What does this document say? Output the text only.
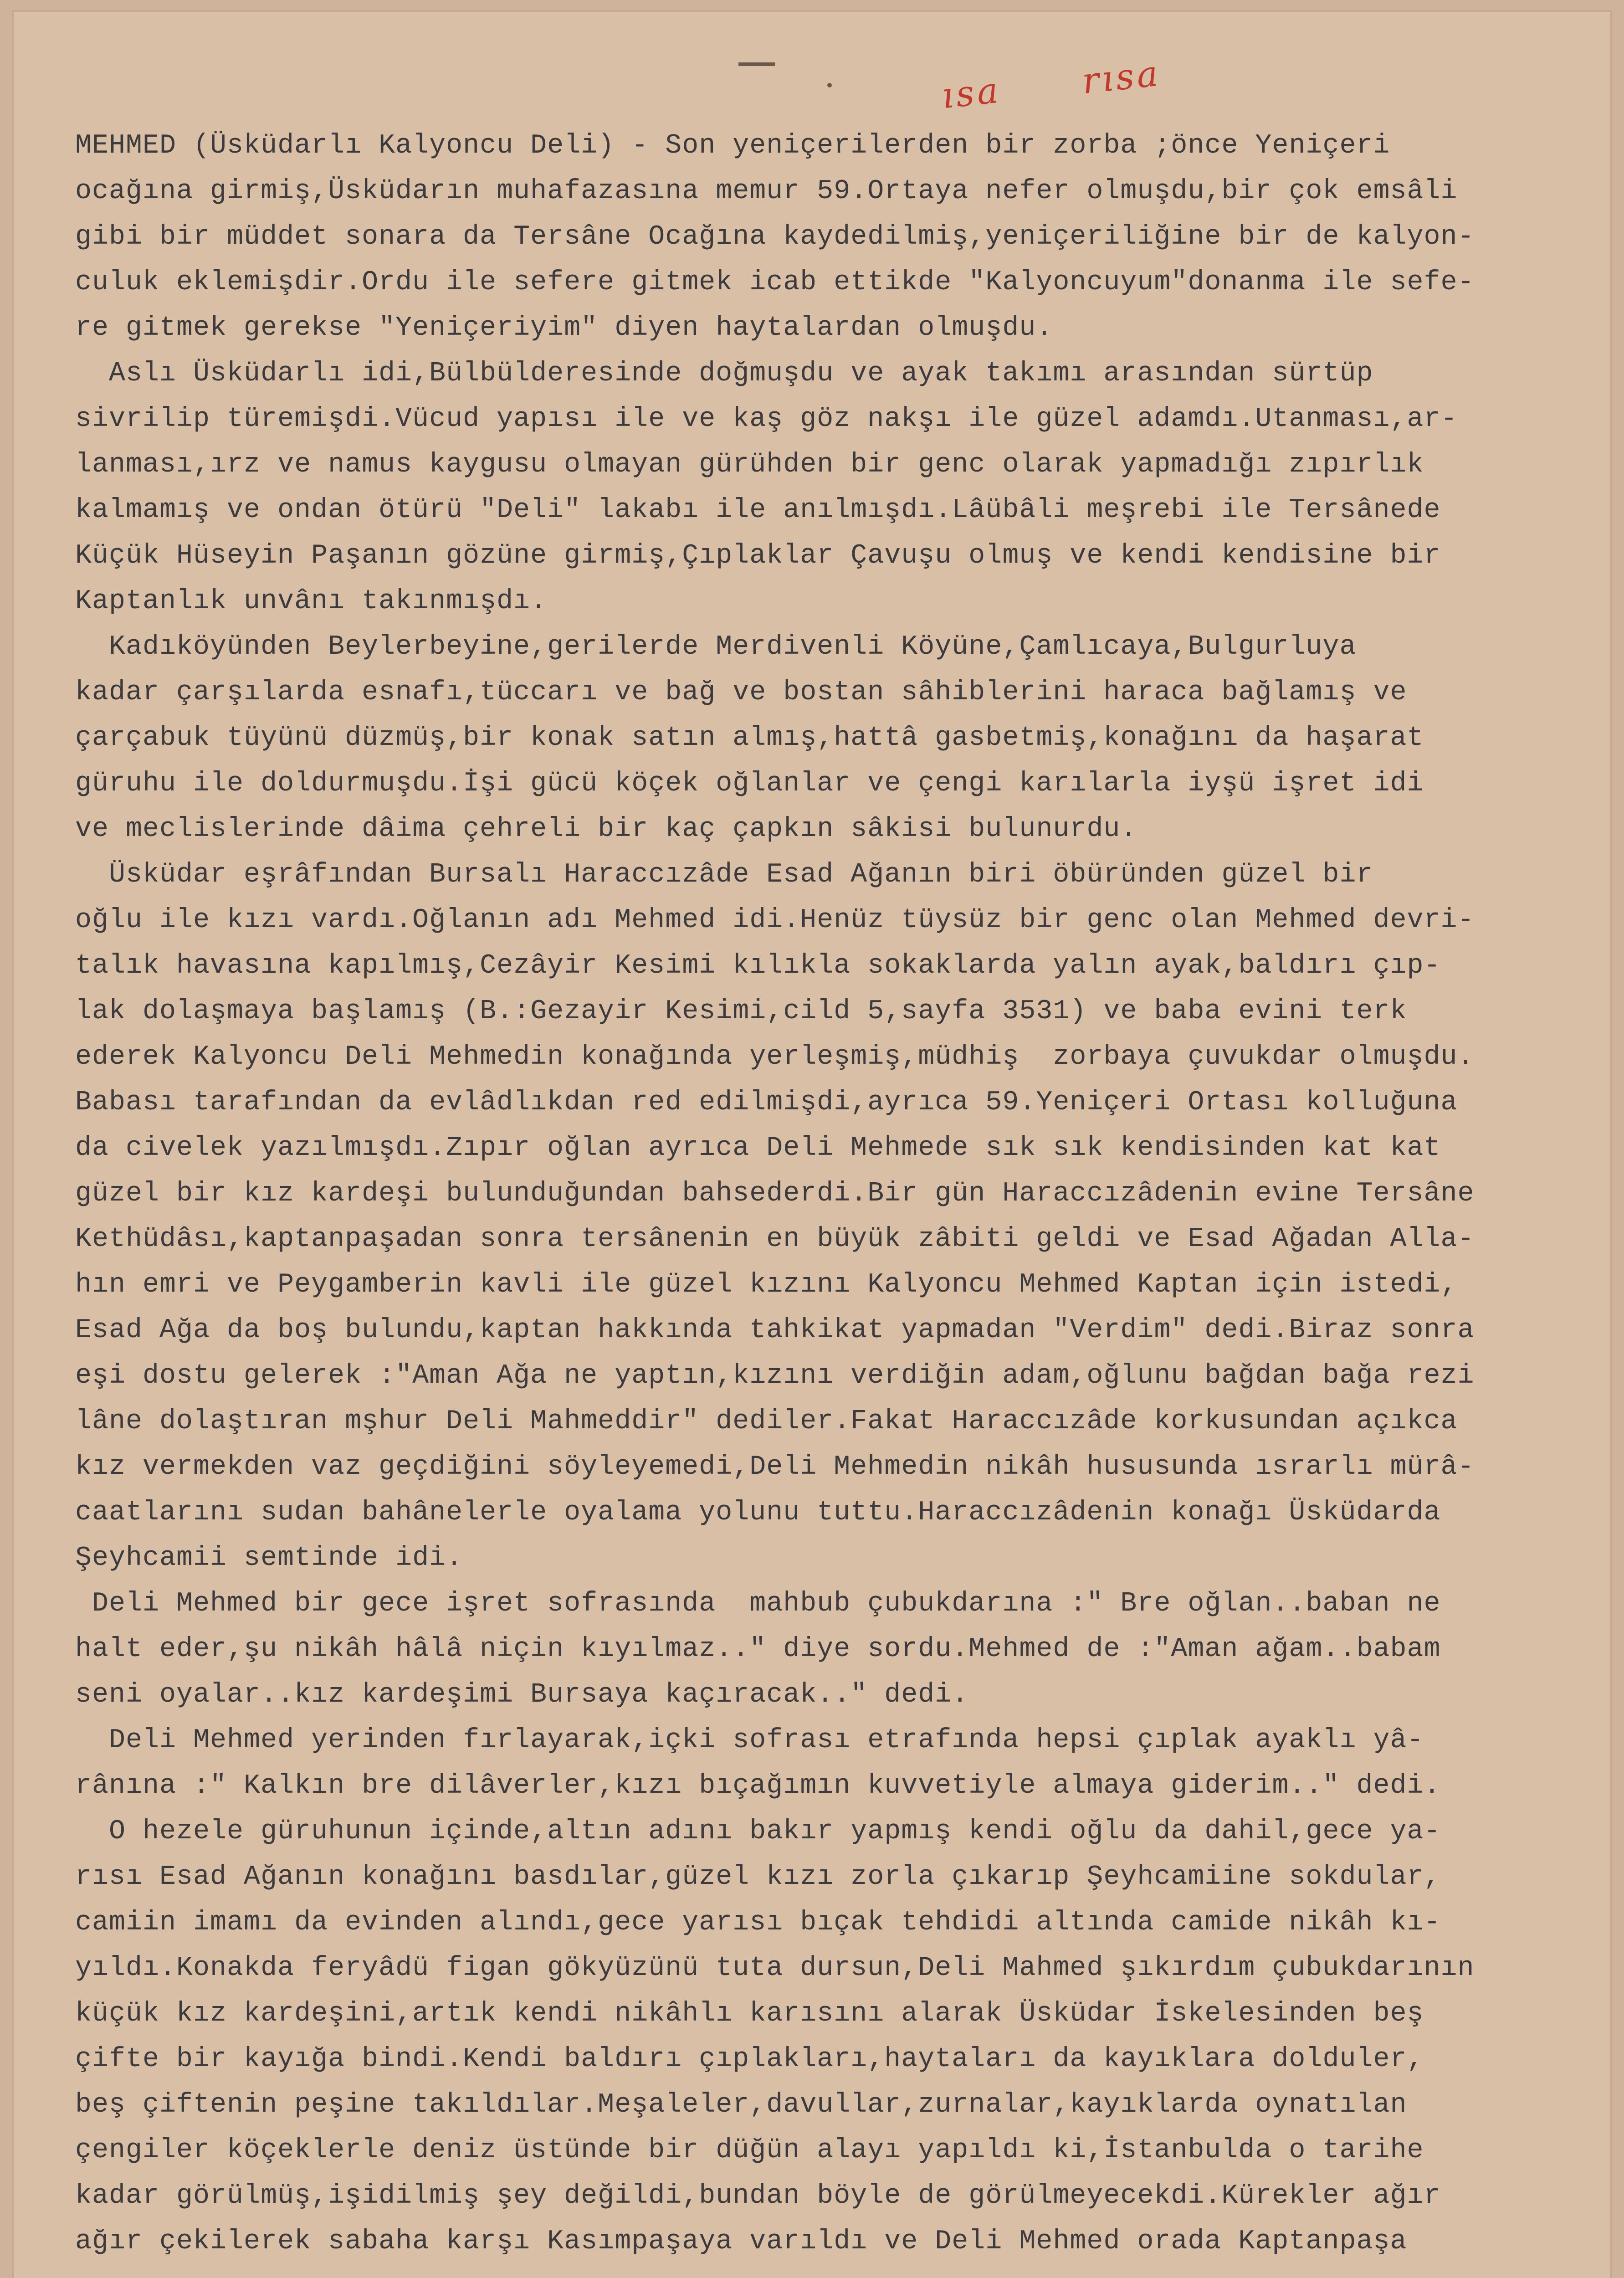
ısa rısa
MEHMED (Üsküdarlı Kalyoncu Deli) - Son yeniçerilerden bir zorba ;önce Yeniçeri
ocağına girmiş,Üsküdarın muhafazasına memur 59.Ortaya nefer olmuşdu,bir çok emsâli
gibi bir müddet sonara da Tersâne Ocağına kaydedilmiş,yeniçeriliğine bir de kalyon-
culuk eklemişdir.Ordu ile sefere gitmek icab ettikde "Kalyoncuyum"donanma ile sefe-
re gitmek gerekse "Yeniçeriyim" diyen haytalardan olmuşdu.
Aslı Üsküdarlı idi,Bülbülderesinde doğmuşdu ve ayak takımı arasından sürtüp
sivrilip türemişdi.Vücud yapısı ile ve kaş göz nakşı ile güzel adamdı.Utanması,ar-
lanması,ırz ve namus kaygusu olmayan gürühden bir genc olarak yapmadığı zıpırlık
kalmamış ve ondan ötürü "Deli" lakabı ile anılmışdı.Lâübâli meşrebi ile Tersânede
Küçük Hüseyin Paşanın gözüne girmiş,Çıplaklar Çavuşu olmuş ve kendi kendisine bir
Kaptanlık unvânı takınmışdı.
Kadıköyünden Beylerbeyine,gerilerde Merdivenli Köyüne,Çamlıcaya,Bulgurluya
kadar çarşılarda esnafı,tüccarı ve bağ ve bostan sâhiblerini haraca bağlamış ve
çarçabuk tüyünü düzmüş,bir konak satın almış,hattâ gasbetmiş,konağını da haşarat
güruhu ile doldurmuşdu.İşi gücü köçek oğlanlar ve çengi karılarla iyşü işret idi
ve meclislerinde dâima çehreli bir kaç çapkın sâkisi bulunurdu.
Üsküdar eşrâfından Bursalı Haraccızâde Esad Ağanın biri öbüründen güzel bir
oğlu ile kızı vardı.Oğlanın adı Mehmed idi.Henüz tüysüz bir genc olan Mehmed devri-
talık havasına kapılmış,Cezâyir Kesimi kılıkla sokaklarda yalın ayak,baldırı çıp-
lak dolaşmaya başlamış (B.:Gezayir Kesimi,cild 5,sayfa 3531) ve baba evini terk
ederek Kalyoncu Deli Mehmedin konağında yerleşmiş,müdhiş  zorbaya çuvukdar olmuşdu.
Babası tarafından da evlâdlıkdan red edilmişdi,ayrıca 59.Yeniçeri Ortası kolluğuna
da civelek yazılmışdı.Zıpır oğlan ayrıca Deli Mehmede sık sık kendisinden kat kat
güzel bir kız kardeşi bulunduğundan bahsederdi.Bir gün Haraccızâdenin evine Tersâne
Kethüdâsı,kaptanpaşadan sonra tersânenin en büyük zâbiti geldi ve Esad Ağadan Alla-
hın emri ve Peygamberin kavli ile güzel kızını Kalyoncu Mehmed Kaptan için istedi,
Esad Ağa da boş bulundu,kaptan hakkında tahkikat yapmadan "Verdim" dedi.Biraz sonra
eşi dostu gelerek :"Aman Ağa ne yaptın,kızını verdiğin adam,oğlunu bağdan bağa rezi
lâne dolaştıran mşhur Deli Mahmeddir" dediler.Fakat Haraccızâde korkusundan açıkca
kız vermekden vaz geçdiğini söyleyemedi,Deli Mehmedin nikâh hususunda ısrarlı mürâ-
caatlarını sudan bahânelerle oyalama yolunu tuttu.Haraccızâdenin konağı Üsküdarda
Şeyhcamii semtinde idi.
Deli Mehmed bir gece işret sofrasında  mahbub çubukdarına :" Bre oğlan..baban ne
halt eder,şu nikâh hâlâ niçin kıyılmaz.." diye sordu.Mehmed de :"Aman ağam..babam
seni oyalar..kız kardeşimi Bursaya kaçıracak.." dedi.
Deli Mehmed yerinden fırlayarak,içki sofrası etrafında hepsi çıplak ayaklı yâ-
rânına :" Kalkın bre dilâverler,kızı bıçağımın kuvvetiyle almaya giderim.." dedi.
O hezele güruhunun içinde,altın adını bakır yapmış kendi oğlu da dahil,gece ya-
rısı Esad Ağanın konağını basdılar,güzel kızı zorla çıkarıp Şeyhcamiine sokdular,
camiin imamı da evinden alındı,gece yarısı bıçak tehdidi altında camide nikâh kı-
yıldı.Konakda feryâdü figan gökyüzünü tuta dursun,Deli Mahmed şıkırdım çubukdarının
küçük kız kardeşini,artık kendi nikâhlı karısını alarak Üsküdar İskelesinden beş
çifte bir kayığa bindi.Kendi baldırı çıplakları,haytaları da kayıklara dolduler,
beş çiftenin peşine takıldılar.Meşaleler,davullar,zurnalar,kayıklarda oynatılan
çengiler köçeklerle deniz üstünde bir düğün alayı yapıldı ki,İstanbulda o tarihe
kadar görülmüş,işidilmiş şey değildi,bundan böyle de görülmeyecekdi.Kürekler ağır
ağır çekilerek sabaha karşı Kasımpaşaya varıldı ve Deli Mehmed orada Kaptanpaşa
